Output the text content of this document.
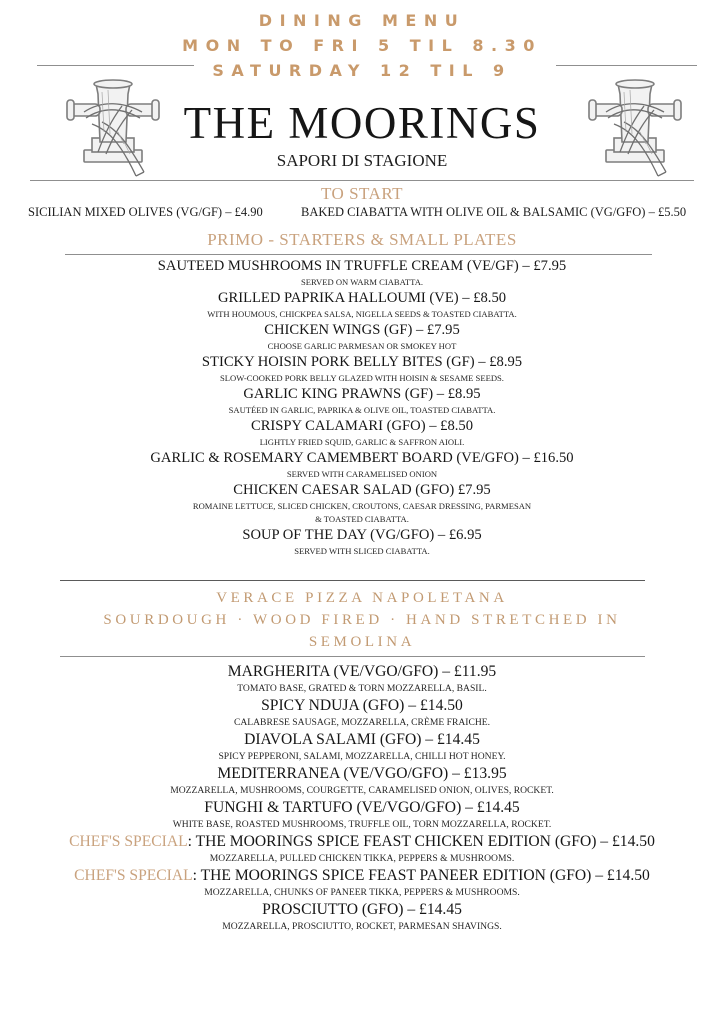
DINING MENU
MON TO FRI 5 TIL 8.30
SATURDAY 12 TIL 9
THE MOORINGS
SAPORI DI STAGIONE
TO START
SICILIAN MIXED OLIVES (VG/GF) – £4.90	BAKED CIABATTA WITH OLIVE OIL & BALSAMIC (VG/GFO) – £5.50
PRIMO - STARTERS & SMALL PLATES
SAUTEED MUSHROOMS IN TRUFFLE CREAM (VE/GF) – £7.95
SERVED ON WARM CIABATTA.
GRILLED PAPRIKA HALLOUMI (VE) – £8.50
WITH HOUMOUS, CHICKPEA SALSA, NIGELLA SEEDS & TOASTED CIABATTA.
CHICKEN WINGS (GF) – £7.95
CHOOSE GARLIC PARMESAN OR SMOKEY HOT
STICKY HOISIN PORK BELLY BITES (GF) – £8.95
SLOW-COOKED PORK BELLY GLAZED WITH HOISIN & SESAME SEEDS.
GARLIC KING PRAWNS (GF) – £8.95
SAUTÉED IN GARLIC, PAPRIKA & OLIVE OIL, TOASTED CIABATTA.
CRISPY CALAMARI (GFO) – £8.50
LIGHTLY FRIED SQUID, GARLIC & SAFFRON AIOLI.
GARLIC & ROSEMARY CAMEMBERT BOARD (VE/GFO) – £16.50
SERVED WITH CARAMELISED ONION
CHICKEN CAESAR SALAD (GFO) £7.95
ROMAINE LETTUCE, SLICED CHICKEN, CROUTONS, CAESAR DRESSING, PARMESAN
& TOASTED CIABATTA.
SOUP OF THE DAY (VG/GFO) – £6.95
SERVED WITH SLICED CIABATTA.
VERACE PIZZA NAPOLETANA
SOURDOUGH · WOOD FIRED · HAND STRETCHED IN
SEMOLINA
MARGHERITA (VE/VGO/GFO) – £11.95
TOMATO BASE, GRATED & TORN MOZZARELLA, BASIL.
SPICY NDUJA (GFO) – £14.50
CALABRESE SAUSAGE, MOZZARELLA, CRÈME FRAICHE.
DIAVOLA SALAMI (GFO) – £14.45
SPICY PEPPERONI, SALAMI, MOZZARELLA, CHILLI HOT HONEY.
MEDITERRANEA (VE/VGO/GFO) – £13.95
MOZZARELLA, MUSHROOMS, COURGETTE, CARAMELISED ONION, OLIVES, ROCKET.
FUNGHI & TARTUFO (VE/VGO/GFO) – £14.45
WHITE BASE, ROASTED MUSHROOMS, TRUFFLE OIL, TORN MOZZARELLA, ROCKET.
CHEF'S SPECIAL: THE MOORINGS SPICE FEAST CHICKEN EDITION (GFO) – £14.50
MOZZARELLA, PULLED CHICKEN TIKKA, PEPPERS & MUSHROOMS.
CHEF'S SPECIAL: THE MOORINGS SPICE FEAST PANEER EDITION (GFO) – £14.50
MOZZARELLA, CHUNKS OF PANEER TIKKA, PEPPERS & MUSHROOMS.
PROSCIUTTO (GFO) – £14.45
MOZZARELLA, PROSCIUTTO, ROCKET, PARMESAN SHAVINGS.
